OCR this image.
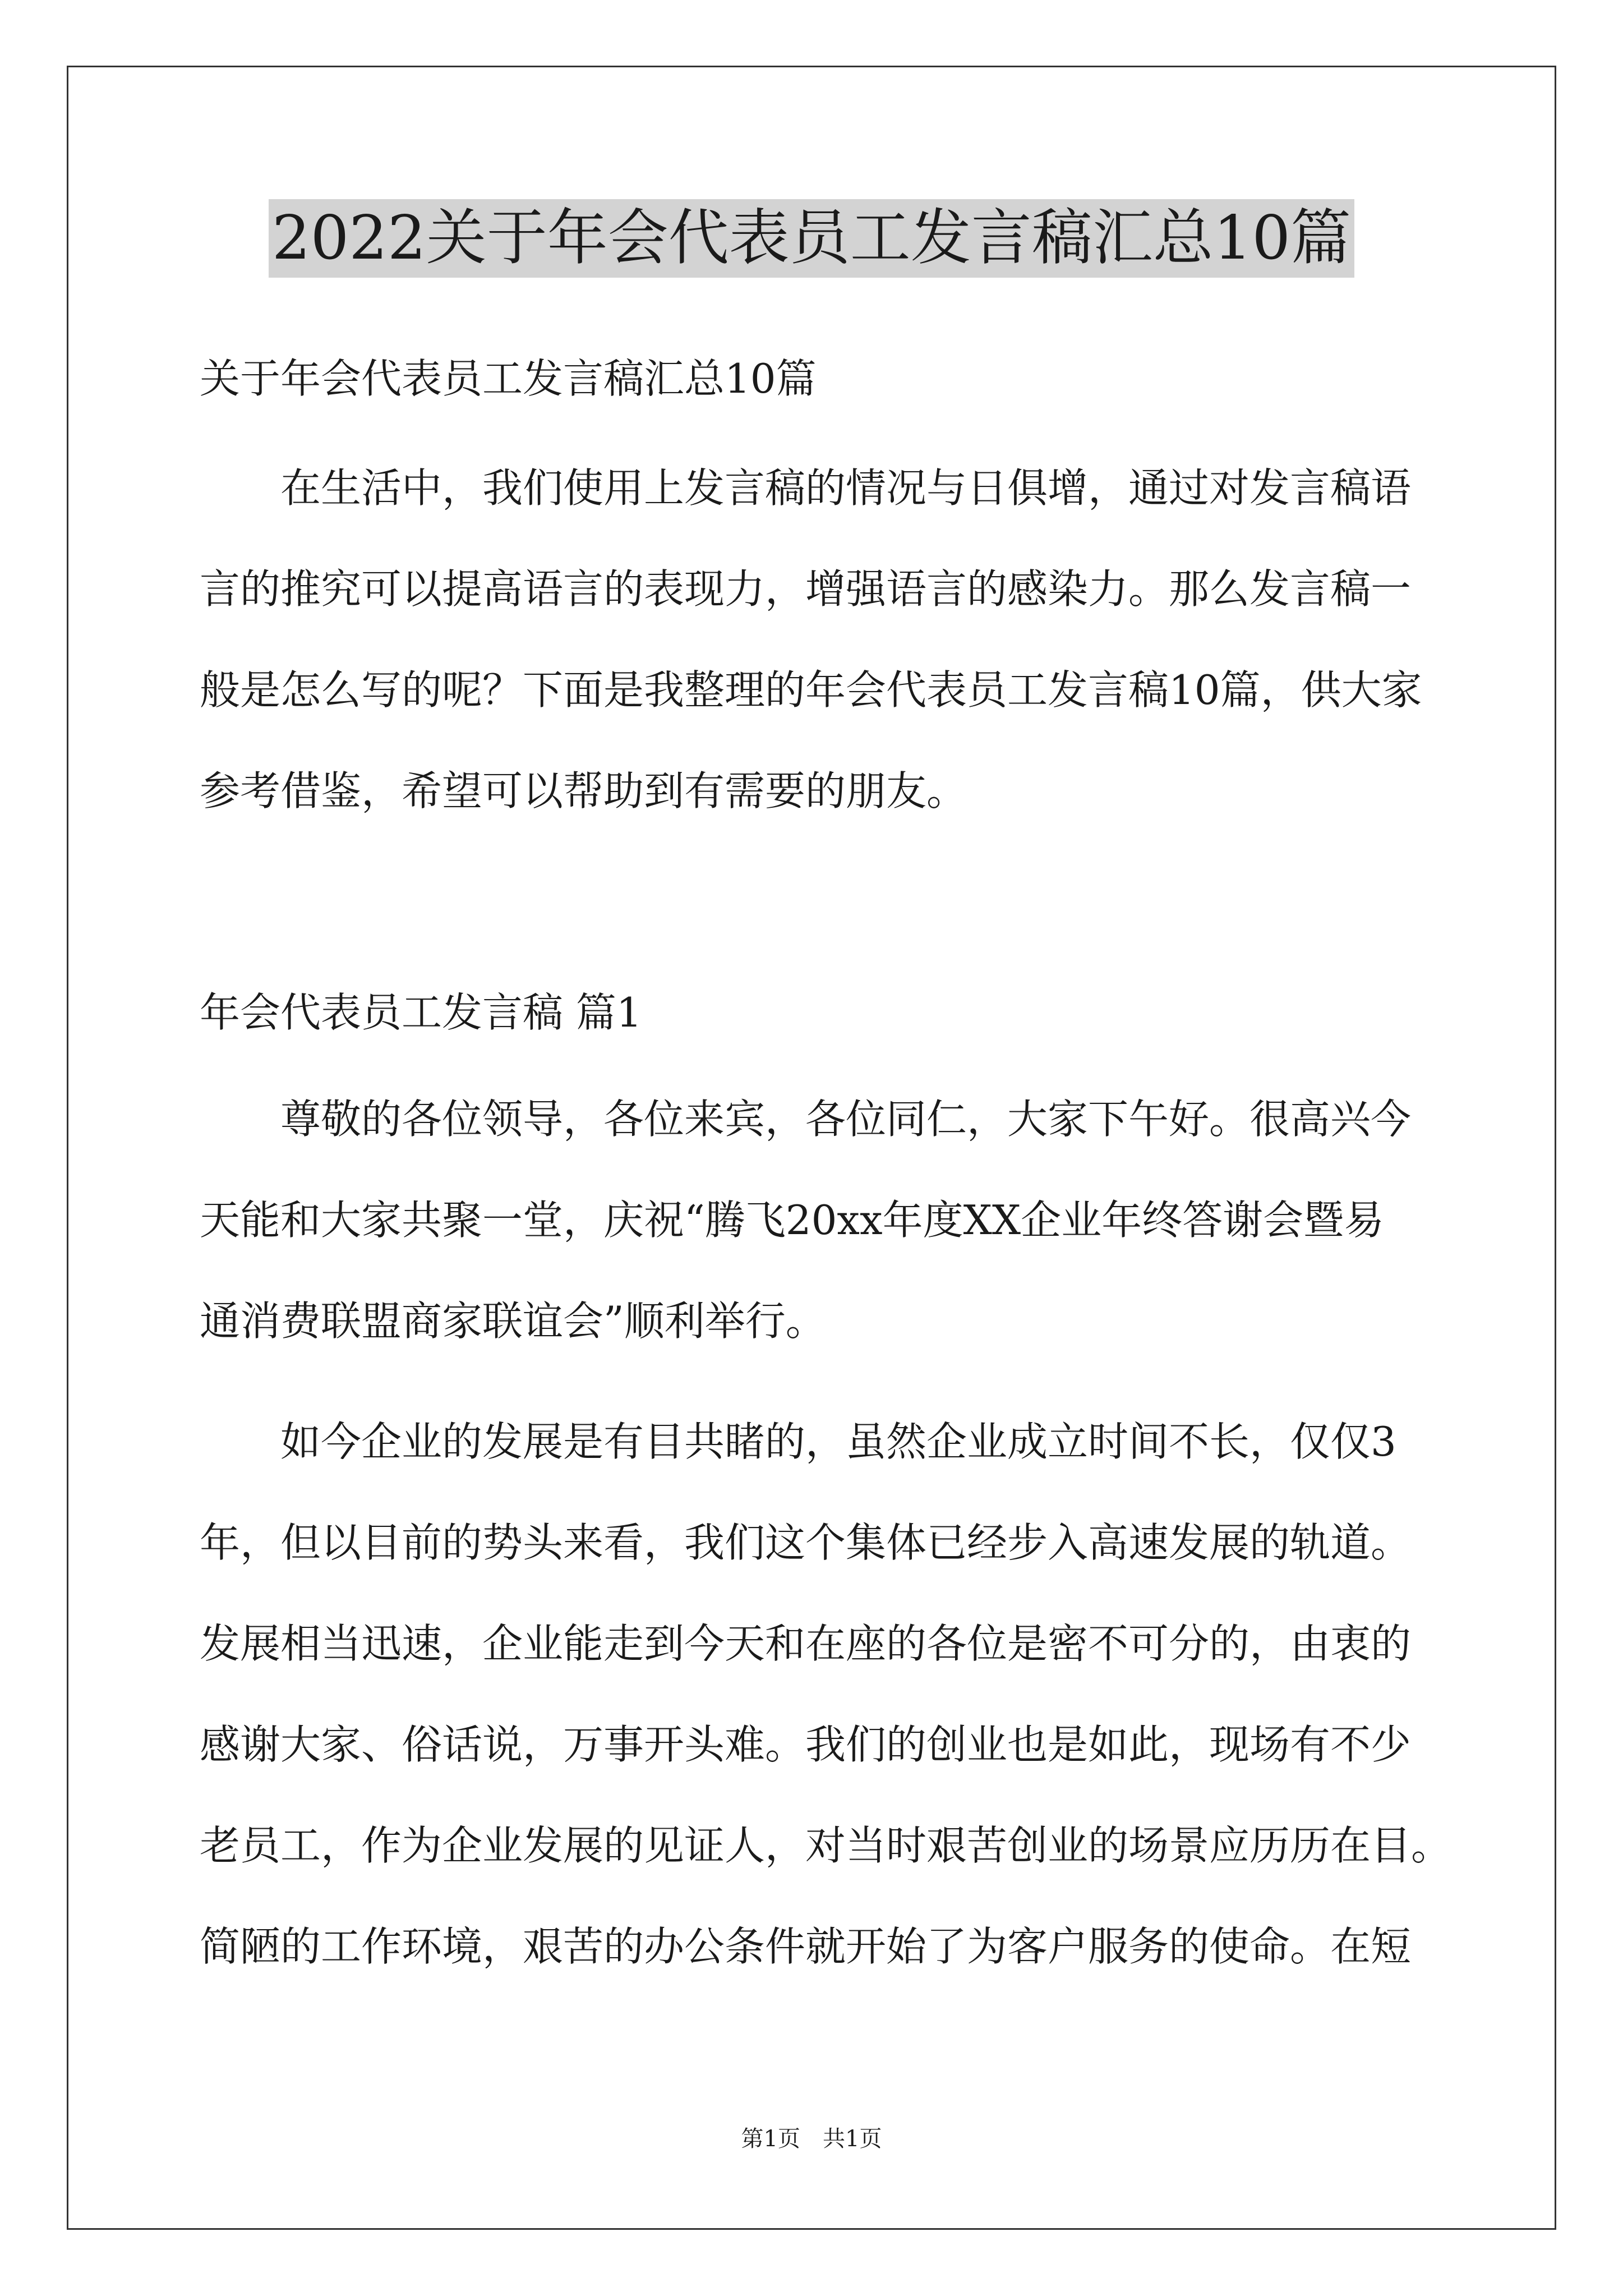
2022关于年会代表员工发言稿汇总10篇
关于年会代表员工发言稿汇总10篇
在生活中，我们使用上发言稿的情况与日俱增，通过对发言稿语
言的推究可以提高语言的表现力，增强语言的感染力。那么发言稿一
般是怎么写的呢？下面是我整理的年会代表员工发言稿10篇，供大家
参考借鉴，希望可以帮助到有需要的朋友。
年会代表员工发言稿 篇1
尊敬的各位领导，各位来宾，各位同仁，大家下午好。很高兴今
天能和大家共聚一堂，庆祝“腾飞20xx年度XX企业年终答谢会暨易
通消费联盟商家联谊会”顺利举行。
如今企业的发展是有目共睹的，虽然企业成立时间不长，仅仅3
年，但以目前的势头来看，我们这个集体已经步入高速发展的轨道。
发展相当迅速，企业能走到今天和在座的各位是密不可分的，由衷的
感谢大家、俗话说，万事开头难。我们的创业也是如此，现场有不少
老员工，作为企业发展的见证人，对当时艰苦创业的场景应历历在目。
简陋的工作环境，艰苦的办公条件就开始了为客户服务的使命。在短
第1页　共1页
